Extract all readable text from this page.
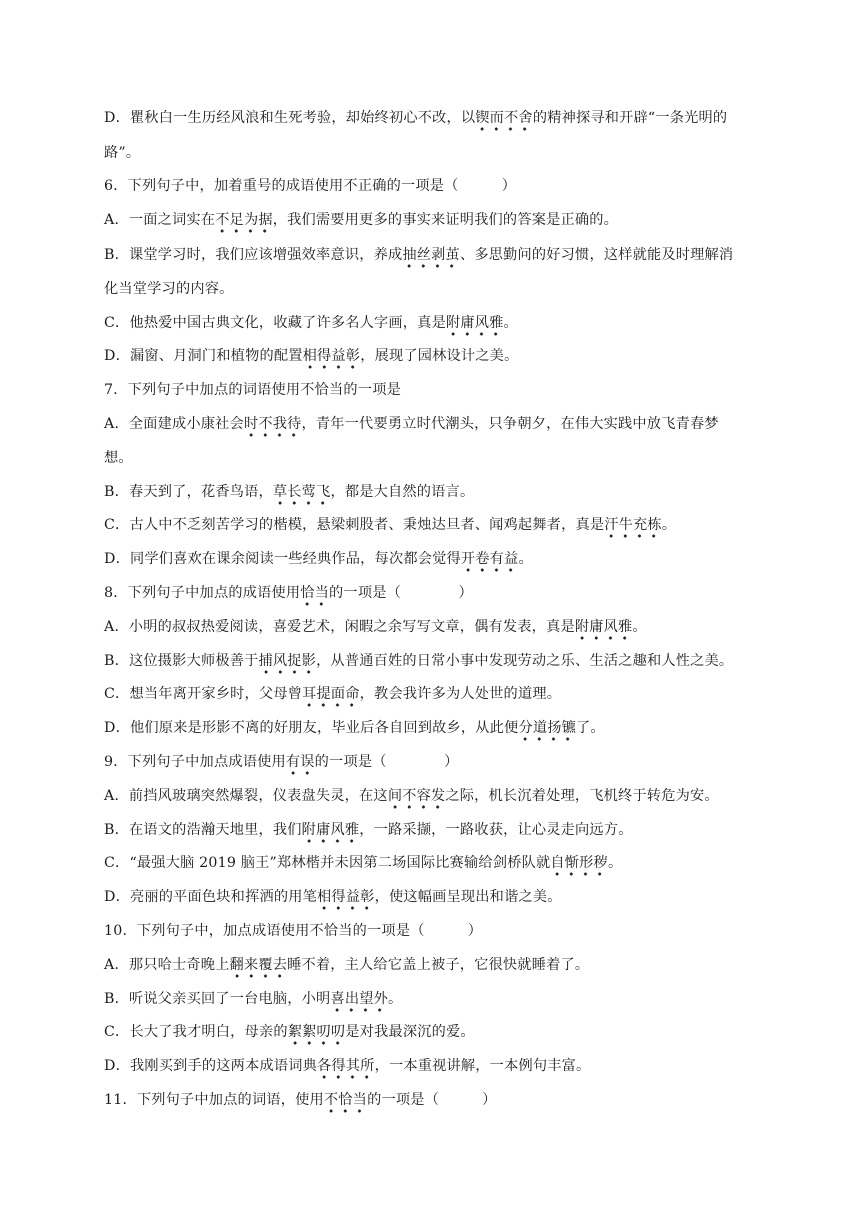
D．瞿秋白一生历经风浪和生死考验，却始终初心不改，以锲而不舍的精神探寻和开辟“一条光明的
路”。
6．下列句子中，加着重号的成语使用不正确的一项是（　　　）
A．一面之词实在不足为据，我们需要用更多的事实来证明我们的答案是正确的。
B．课堂学习时，我们应该增强效率意识，养成抽丝剥茧、多思勤问的好习惯，这样就能及时理解消
化当堂学习的内容。
C．他热爱中国古典文化，收藏了许多名人字画，真是附庸风雅。
D．漏窗、月洞门和植物的配置相得益彰，展现了园林设计之美。
7．下列句子中加点的词语使用不恰当的一项是
A．全面建成小康社会时不我待，青年一代要勇立时代潮头，只争朝夕，在伟大实践中放飞青春梦
想。
B．春天到了，花香鸟语，草长莺飞，都是大自然的语言。
C．古人中不乏刻苦学习的楷模，悬梁刺股者、秉烛达旦者、闻鸡起舞者，真是汗牛充栋。
D．同学们喜欢在课余阅读一些经典作品，每次都会觉得开卷有益。
8．下列句子中加点的成语使用恰当的一项是（　　　　）
A．小明的叔叔热爱阅读，喜爱艺术，闲暇之余写写文章，偶有发表，真是附庸风雅。
B．这位摄影大师极善于捕风捉影，从普通百姓的日常小事中发现劳动之乐、生活之趣和人性之美。
C．想当年离开家乡时，父母曾耳提面命，教会我许多为人处世的道理。
D．他们原来是形影不离的好朋友，毕业后各自回到故乡，从此便分道扬镳了。
9．下列句子中加点成语使用有误的一项是（　　　　）
A．前挡风玻璃突然爆裂，仪表盘失灵，在这间不容发之际，机长沉着处理，飞机终于转危为安。
B．在语文的浩瀚天地里，我们附庸风雅，一路采撷，一路收获，让心灵走向远方。
C．“最强大脑 2019 脑王”郑林楷并未因第二场国际比赛输给剑桥队就自惭形秽。
D．亮丽的平面色块和挥洒的用笔相得益彰，使这幅画呈现出和谐之美。
10．下列句子中，加点成语使用不恰当的一项是（　　　）
A．那只哈士奇晚上翻来覆去睡不着，主人给它盖上被子，它很快就睡着了。
B．听说父亲买回了一台电脑，小明喜出望外。
C．长大了我才明白，母亲的絮絮叨叨是对我最深沉的爱。
D．我刚买到手的这两本成语词典各得其所，一本重视讲解，一本例句丰富。
11．下列句子中加点的词语，使用不恰当的一项是（　　　）
